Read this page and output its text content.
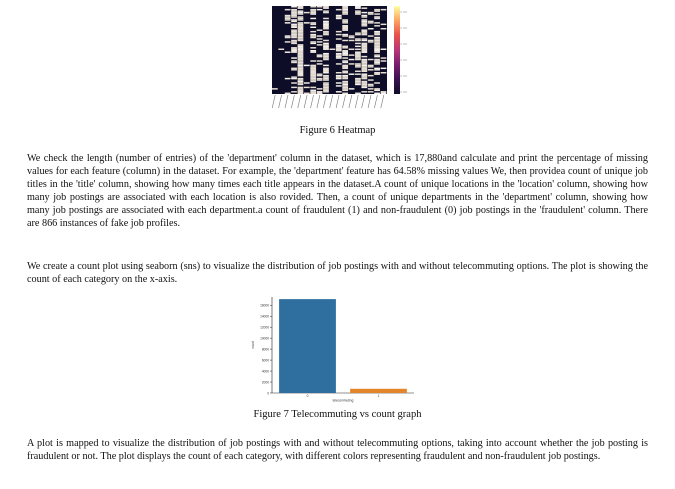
Figure 6 Heatmap
We check the length (number of entries) of the 'department' column in the dataset, which is 17,880and calculate and print the percentage of missing values for each feature (column) in the dataset. For example, the 'department' feature has 64.58% missing values We, then providea count of unique job titles in the 'title' column, showing how many times each title appears in the dataset.A count of unique locations in the 'location' column, showing how many job postings are associated with each location is also rovided. Then, a count of unique departments in the 'department' column, showing how many job postings are associated with each department.a count of fraudulent (1) and non-fraudulent (0) job postings in the 'fraudulent' column. There are 866 instances of fake job profiles.
We create a count plot using seaborn (sns) to visualize the distribution of job postings with and without telecommuting options. The plot is showing the count of each category on the x-axis.
0
2000
4000
6000
8000
10000
12000
14000
16000
0	1
telecommuting
count
Figure 7 Telecommuting vs count graph
A plot is mapped to visualize the distribution of job postings with and without telecommuting options, taking into account whether the job posting is fraudulent or not. The plot displays the count of each category, with different colors representing fraudulent and non-fraudulent job postings.
